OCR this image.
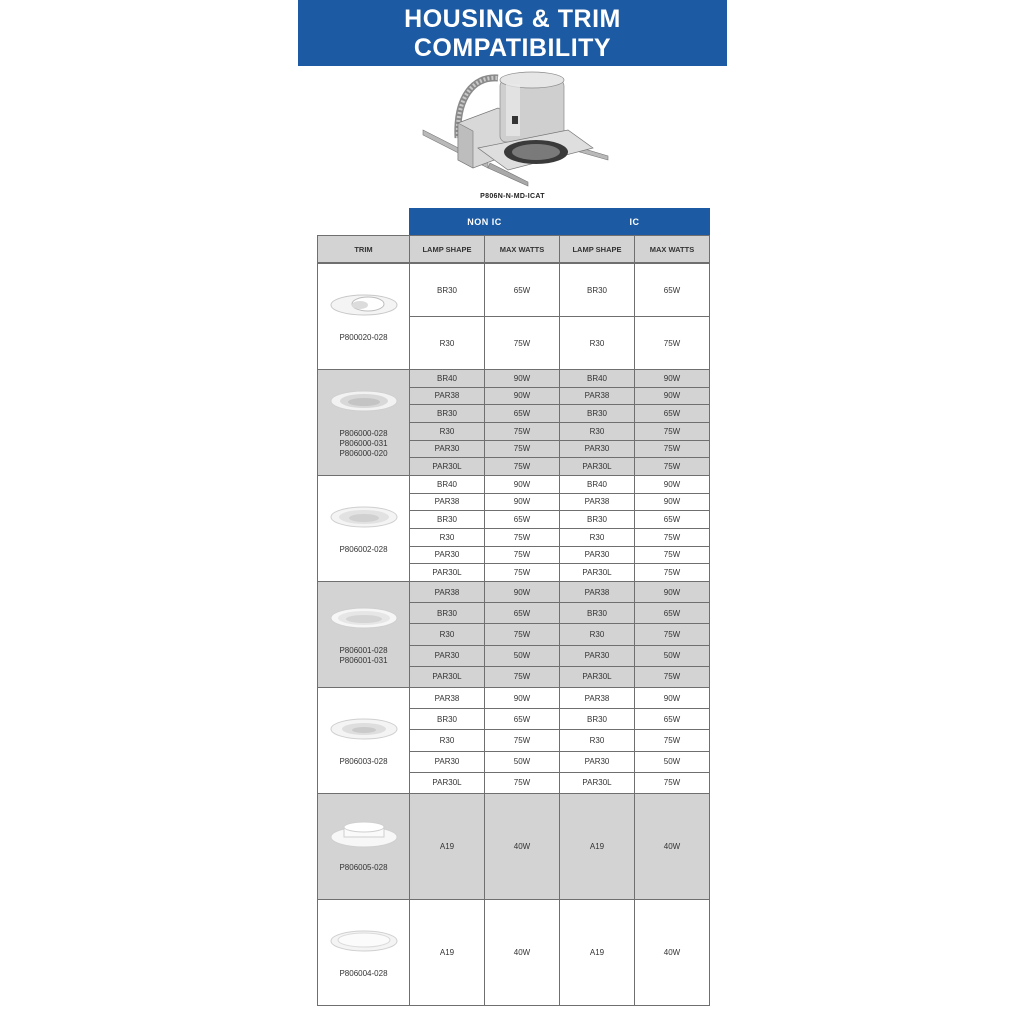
HOUSING & TRIM
COMPATIBILITY
P806N-N-MD-ICAT
NON IC	IC
TRIM	LAMP SHAPE	MAX WATTS	LAMP SHAPE	MAX WATTS
P800020-028
BR30	65W	BR30	65W
R30	75W	R30	75W
P806000-028
P806000-031
P806000-020
BR40	90W	BR40	90W
PAR38	90W	PAR38	90W
BR30	65W	BR30	65W
R30	75W	R30	75W
PAR30	75W	PAR30	75W
PAR30L	75W	PAR30L	75W
P806002-028
BR40	90W	BR40	90W
PAR38	90W	PAR38	90W
BR30	65W	BR30	65W
R30	75W	R30	75W
PAR30	75W	PAR30	75W
PAR30L	75W	PAR30L	75W
P806001-028
P806001-031
PAR38	90W	PAR38	90W
BR30	65W	BR30	65W
R30	75W	R30	75W
PAR30	50W	PAR30	50W
PAR30L	75W	PAR30L	75W
P806003-028
PAR38	90W	PAR38	90W
BR30	65W	BR30	65W
R30	75W	R30	75W
PAR30	50W	PAR30	50W
PAR30L	75W	PAR30L	75W
P806005-028
A19	40W	A19	40W
P806004-028
A19	40W	A19	40W
